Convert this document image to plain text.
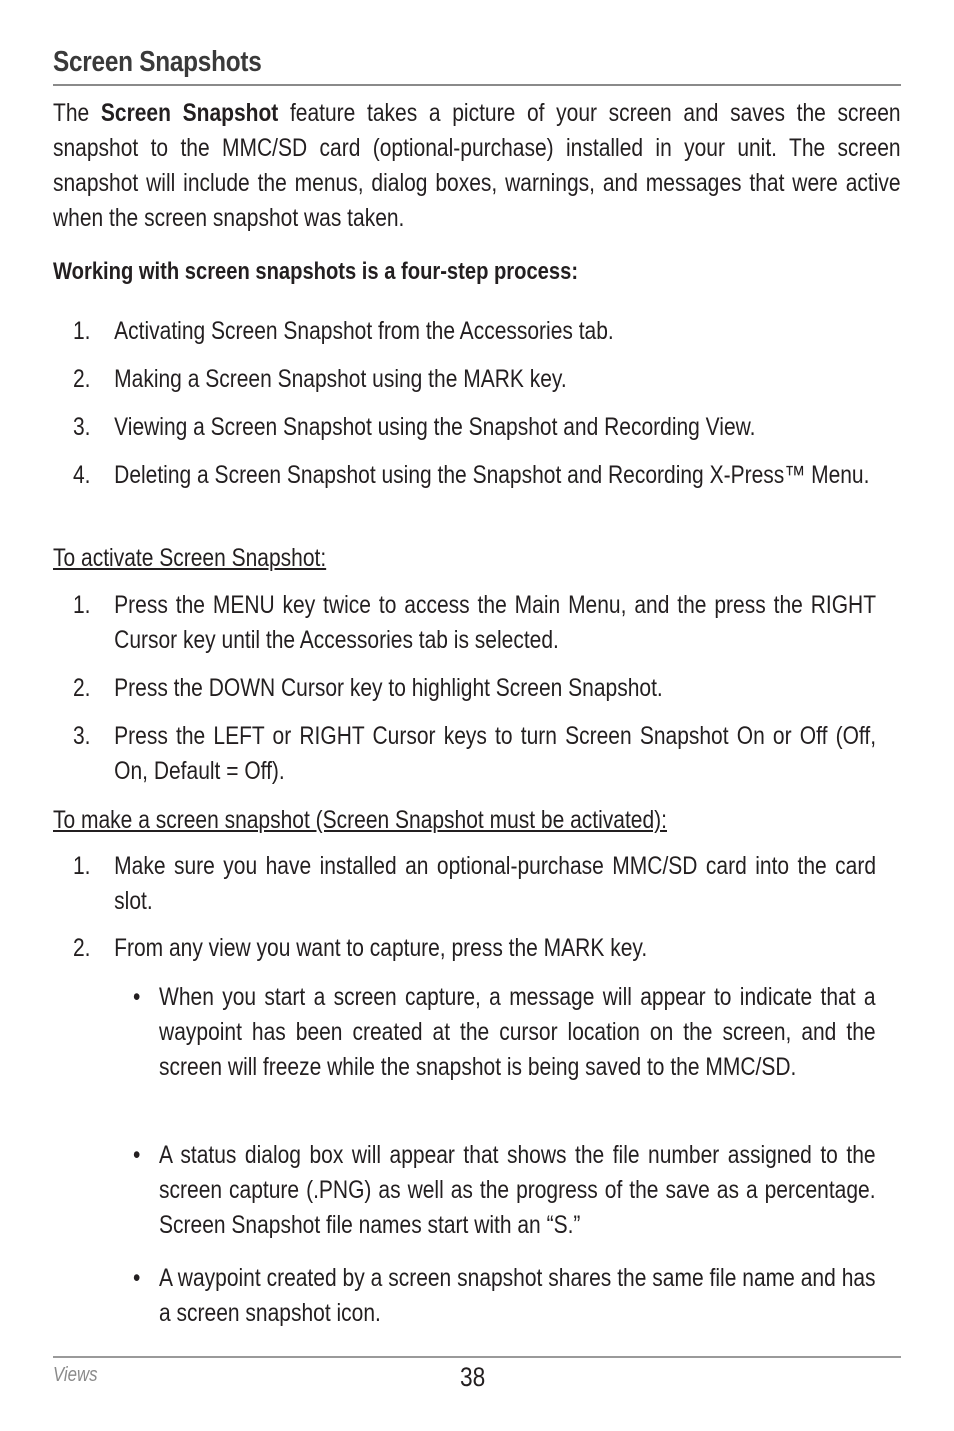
Screen Snapshots
The Screen Snapshot feature takes a picture of your screen and saves the screen snapshot to the MMC/SD card (optional-purchase) installed in your unit. The screen snapshot will include the menus, dialog boxes, warnings, and messages that were active when the screen snapshot was taken.
Working with screen snapshots is a four-step process:
1. Activating Screen Snapshot from the Accessories tab.
2. Making a Screen Snapshot using the MARK key.
3. Viewing a Screen Snapshot using the Snapshot and Recording View.
4. Deleting a Screen Snapshot using the Snapshot and Recording X-Press™ Menu.
To activate Screen Snapshot:
1. Press the MENU key twice to access the Main Menu, and the press the RIGHT Cursor key until the Accessories tab is selected.
2. Press the DOWN Cursor key to highlight Screen Snapshot.
3. Press the LEFT or RIGHT Cursor keys to turn Screen Snapshot On or Off (Off, On, Default = Off).
To make a screen snapshot (Screen Snapshot must be activated):
1. Make sure you have installed an optional-purchase MMC/SD card into the card slot.
2. From any view you want to capture, press the MARK key.
• When you start a screen capture, a message will appear to indicate that a waypoint has been created at the cursor location on the screen, and the screen will freeze while the snapshot is being saved to the MMC/SD.
• A status dialog box will appear that shows the file number assigned to the screen capture (.PNG) as well as the progress of the save as a percentage. Screen Snapshot file names start with an “S.”
• A waypoint created by a screen snapshot shares the same file name and has a screen snapshot icon.
Views	38
